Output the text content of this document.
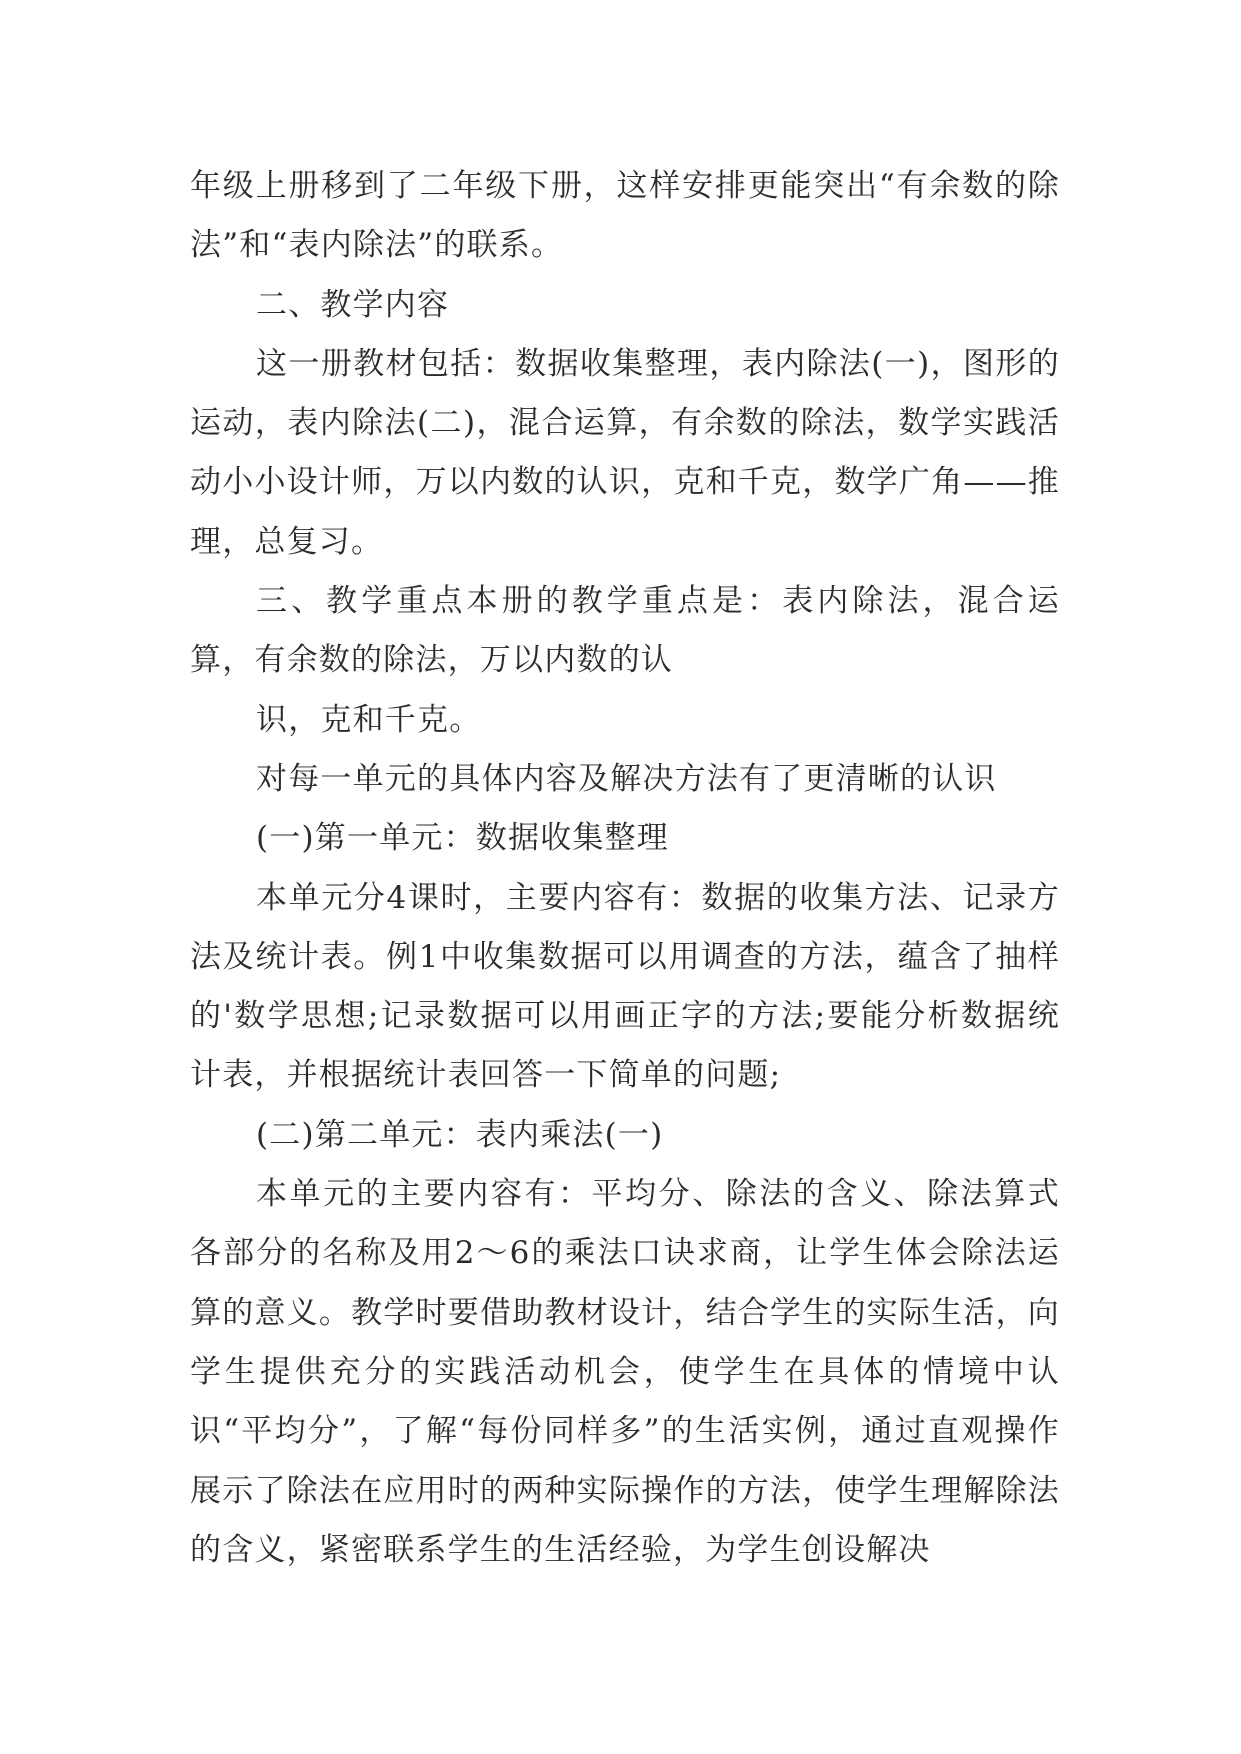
年级上册移到了二年级下册，这样安排更能突出“有余数的除法”和“表内除法”的联系。

二、教学内容

这一册教材包括：数据收集整理，表内除法(一)，图形的运动，表内除法(二)，混合运算，有余数的除法，数学实践活动小小设计师，万以内数的认识，克和千克，数学广角——推理，总复习。

三、教学重点本册的教学重点是：表内除法，混合运算，有余数的除法，万以内数的认

识，克和千克。

对每一单元的具体内容及解决方法有了更清晰的认识

(一)第一单元：数据收集整理

本单元分4课时，主要内容有：数据的收集方法、记录方法及统计表。例1中收集数据可以用调查的方法，蕴含了抽样的'数学思想;记录数据可以用画正字的方法;要能分析数据统计表，并根据统计表回答一下简单的问题;

(二)第二单元：表内乘法(一)

本单元的主要内容有：平均分、除法的含义、除法算式各部分的名称及用2～6的乘法口诀求商，让学生体会除法运算的意义。教学时要借助教材设计，结合学生的实际生活，向学生提供充分的实践活动机会，使学生在具体的情境中认识“平均分”，了解“每份同样多”的生活实例，通过直观操作展示了除法在应用时的两种实际操作的方法，使学生理解除法的含义，紧密联系学生的生活经验，为学生创设解决
